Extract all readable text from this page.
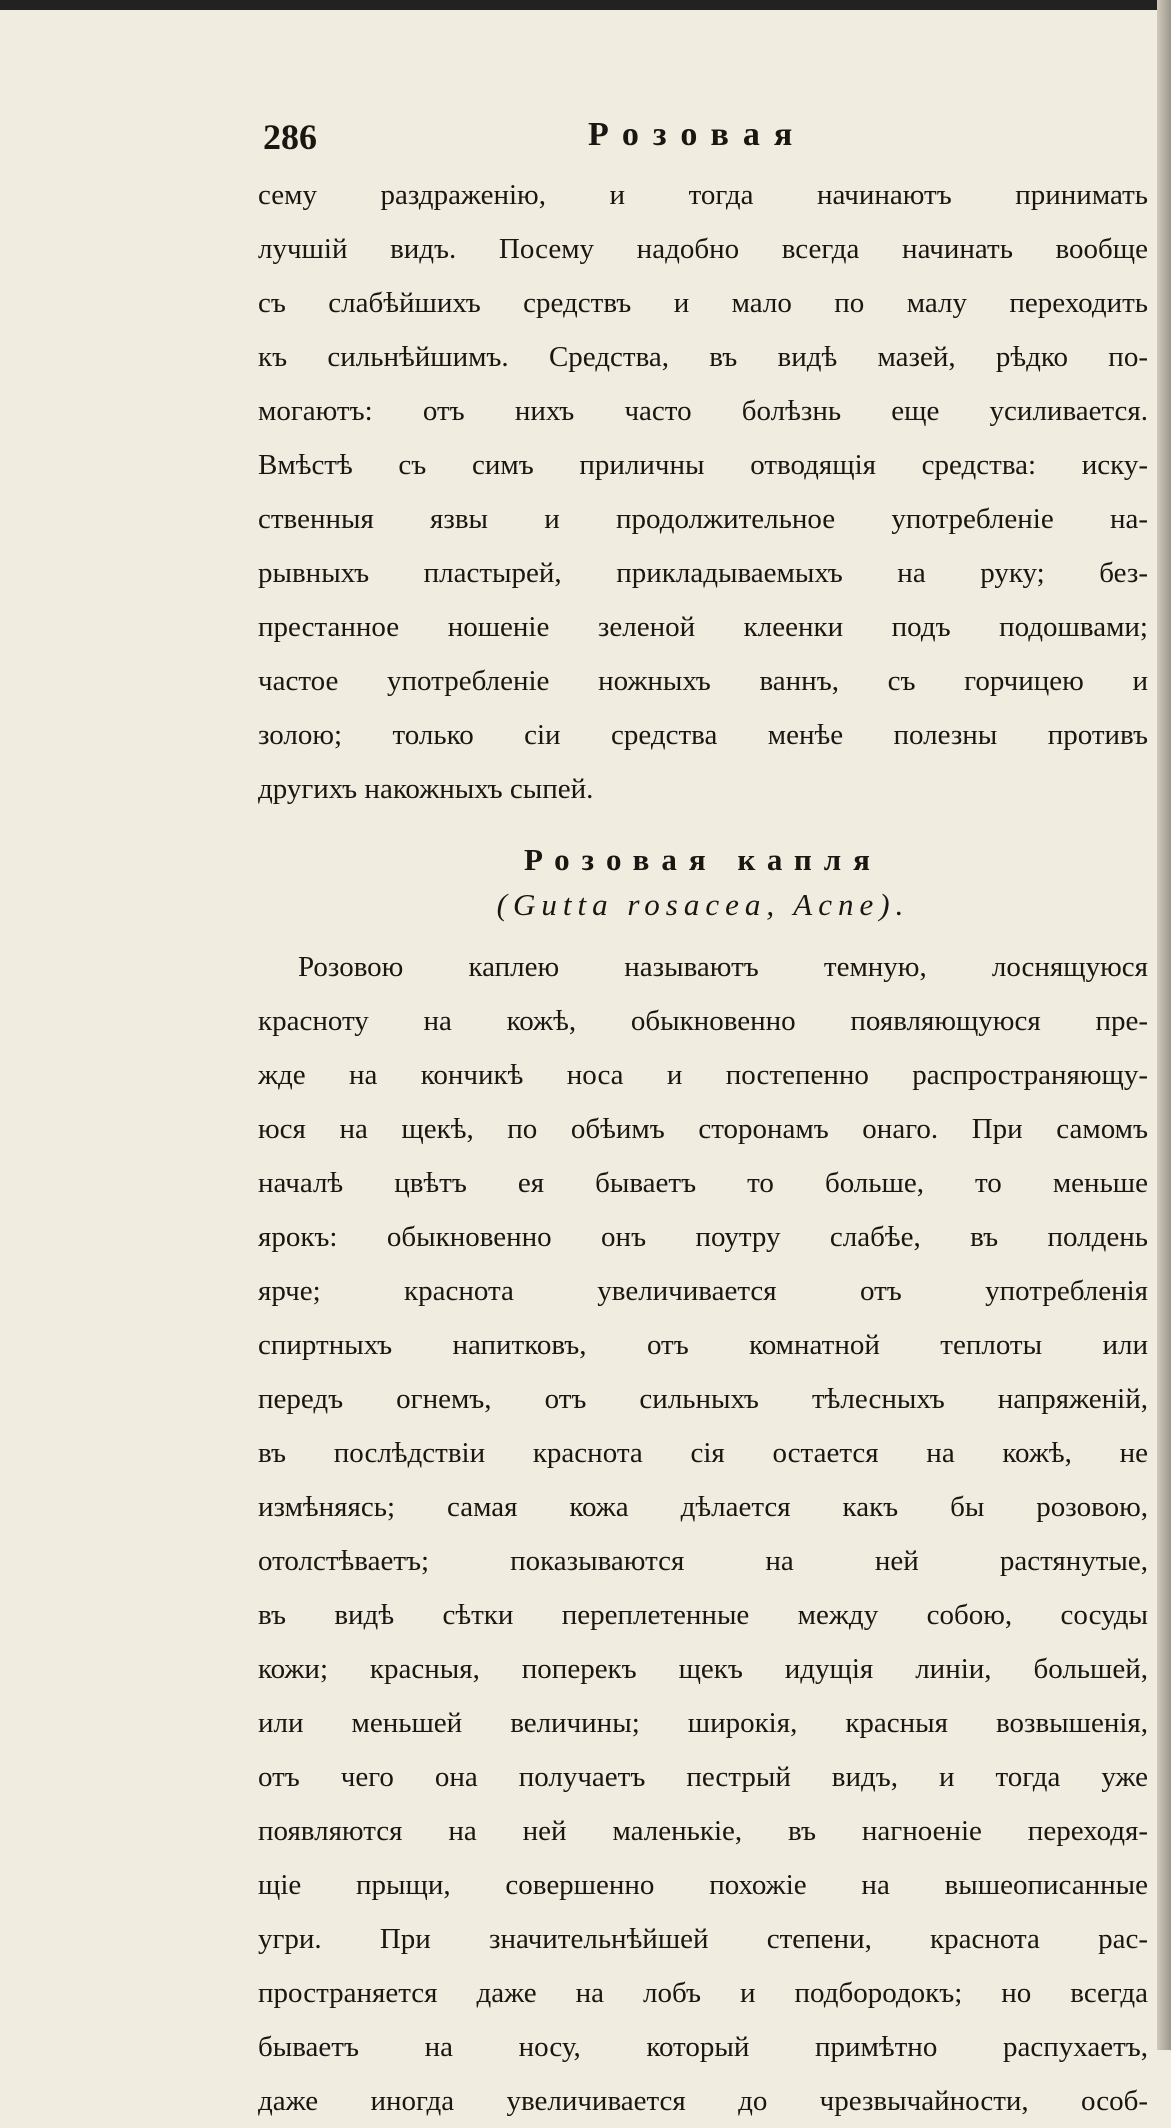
286	Розовая
сему раздраженію, и тогда начинаютъ принимать
лучшій видъ. Посему надобно всегда начинать вообще
съ слабѣйшихъ средствъ и мало по малу переходить
къ сильнѣйшимъ. Средства, въ видѣ мазей, рѣдко по-
могаютъ: отъ нихъ часто болѣзнь еще усиливается.
Вмѣстѣ съ симъ приличны отводящія средства: иску-
ственныя язвы и продолжительное употребленіе на-
рывныхъ пластырей, прикладываемыхъ на руку; без-
престанное ношеніе зеленой клеенки подъ подошвами;
частое употребленіе ножныхъ ваннъ, съ горчицею и
золою; только сіи средства менѣе полезны противъ
другихъ накожныхъ сыпей.
Розовая капля
(Gutta rosacea, Acne).
Розовою каплею называютъ темную, лоснящуюся
красноту на кожѣ, обыкновенно появляющуюся пре-
жде на кончикѣ носа и постепенно распространяющу-
юся на щекѣ, по обѣимъ сторонамъ онаго. При самомъ
началѣ цвѣтъ ея бываетъ то больше, то меньше
ярокъ: обыкновенно онъ поутру слабѣе, въ полдень
ярче; краснота увеличивается отъ употребленія
спиртныхъ напитковъ, отъ комнатной теплоты или
передъ огнемъ, отъ сильныхъ тѣлесныхъ напряженій,
въ послѣдствіи краснота сія остается на кожѣ, не
измѣняясь; самая кожа дѣлается какъ бы розовою,
отолстѣваетъ; показываются на ней растянутые,
въ видѣ сѣтки переплетенные между собою, сосуды
кожи; красныя, поперекъ щекъ идущія линіи, большей,
или меньшей величины; широкія, красныя возвышенія,
отъ чего она получаетъ пестрый видъ, и тогда уже
появляются на ней маленькіе, въ нагноеніе переходя-
щіе прыщи, совершенно похожіе на вышеописанные
угри. При значительнѣйшей степени, краснота рас-
пространяется даже на лобъ и подбородокъ; но всегда
бываетъ на носу, который примѣтно распухаетъ,
даже иногда увеличивается до чрезвычайности, особ-
